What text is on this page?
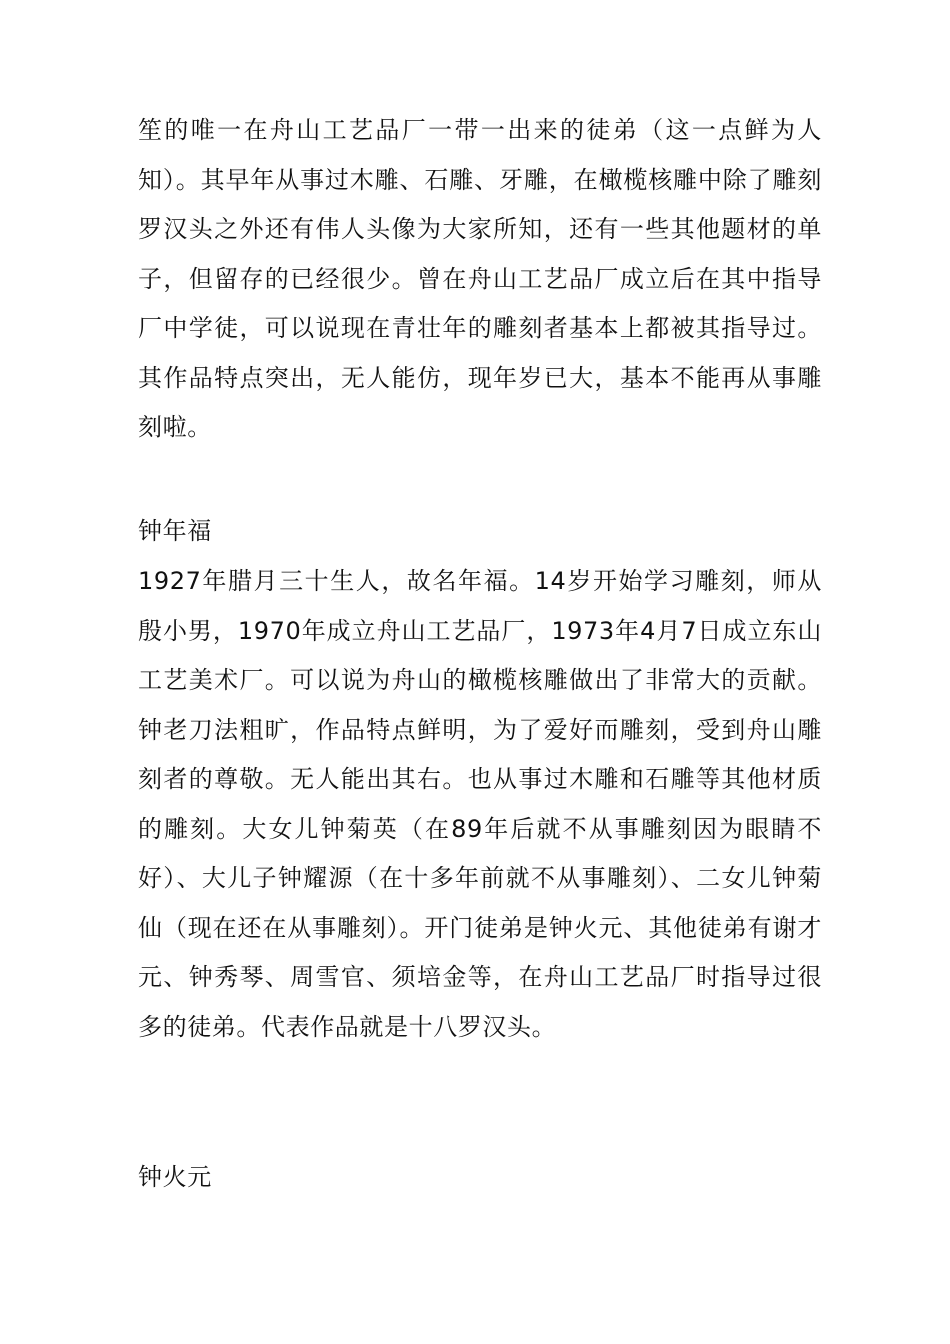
笙的唯一在舟山工艺品厂一带一出来的徒弟（这一点鲜为人知）。其早年从事过木雕、石雕、牙雕，在橄榄核雕中除了雕刻罗汉头之外还有伟人头像为大家所知，还有一些其他题材的单子，但留存的已经很少。曾在舟山工艺品厂成立后在其中指导厂中学徒，可以说现在青壮年的雕刻者基本上都被其指导过。其作品特点突出，无人能仿，现年岁已大，基本不能再从事雕刻啦。

钟年福

1927年腊月三十生人，故名年福。14岁开始学习雕刻，师从殷小男，1970年成立舟山工艺品厂，1973年4月7日成立东山工艺美术厂。可以说为舟山的橄榄核雕做出了非常大的贡献。钟老刀法粗旷，作品特点鲜明，为了爱好而雕刻，受到舟山雕刻者的尊敬。无人能出其右。也从事过木雕和石雕等其他材质的雕刻。大女儿钟菊英（在89年后就不从事雕刻因为眼睛不好）、大儿子钟耀源（在十多年前就不从事雕刻）、二女儿钟菊仙（现在还在从事雕刻）。开门徒弟是钟火元、其他徒弟有谢才元、钟秀琴、周雪官、须培金等，在舟山工艺品厂时指导过很多的徒弟。代表作品就是十八罗汉头。

钟火元
